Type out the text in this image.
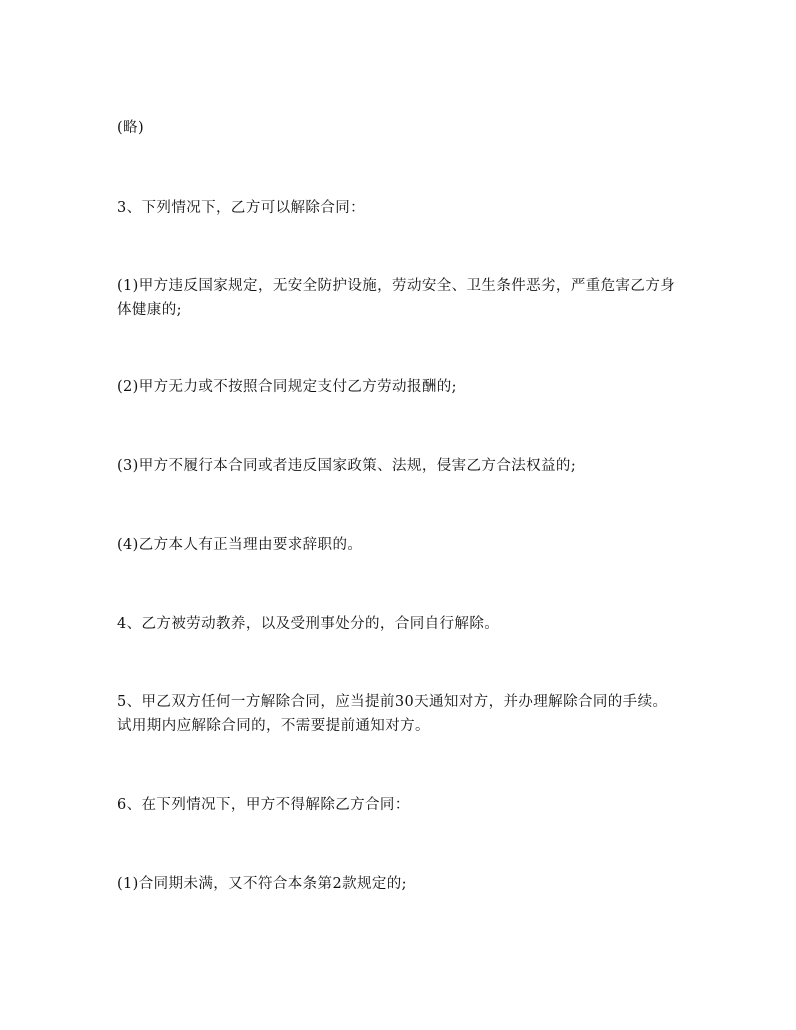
(略)

3、下列情况下，乙方可以解除合同：

(1)甲方违反国家规定，无安全防护设施，劳动安全、卫生条件恶劣，严重危害乙方身体健康的;

(2)甲方无力或不按照合同规定支付乙方劳动报酬的;

(3)甲方不履行本合同或者违反国家政策、法规，侵害乙方合法权益的;

(4)乙方本人有正当理由要求辞职的。

4、乙方被劳动教养，以及受刑事处分的，合同自行解除。

5、甲乙双方任何一方解除合同，应当提前30天通知对方，并办理解除合同的手续。试用期内应解除合同的，不需要提前通知对方。

6、在下列情况下，甲方不得解除乙方合同：

(1)合同期未满，又不符合本条第2款规定的;
